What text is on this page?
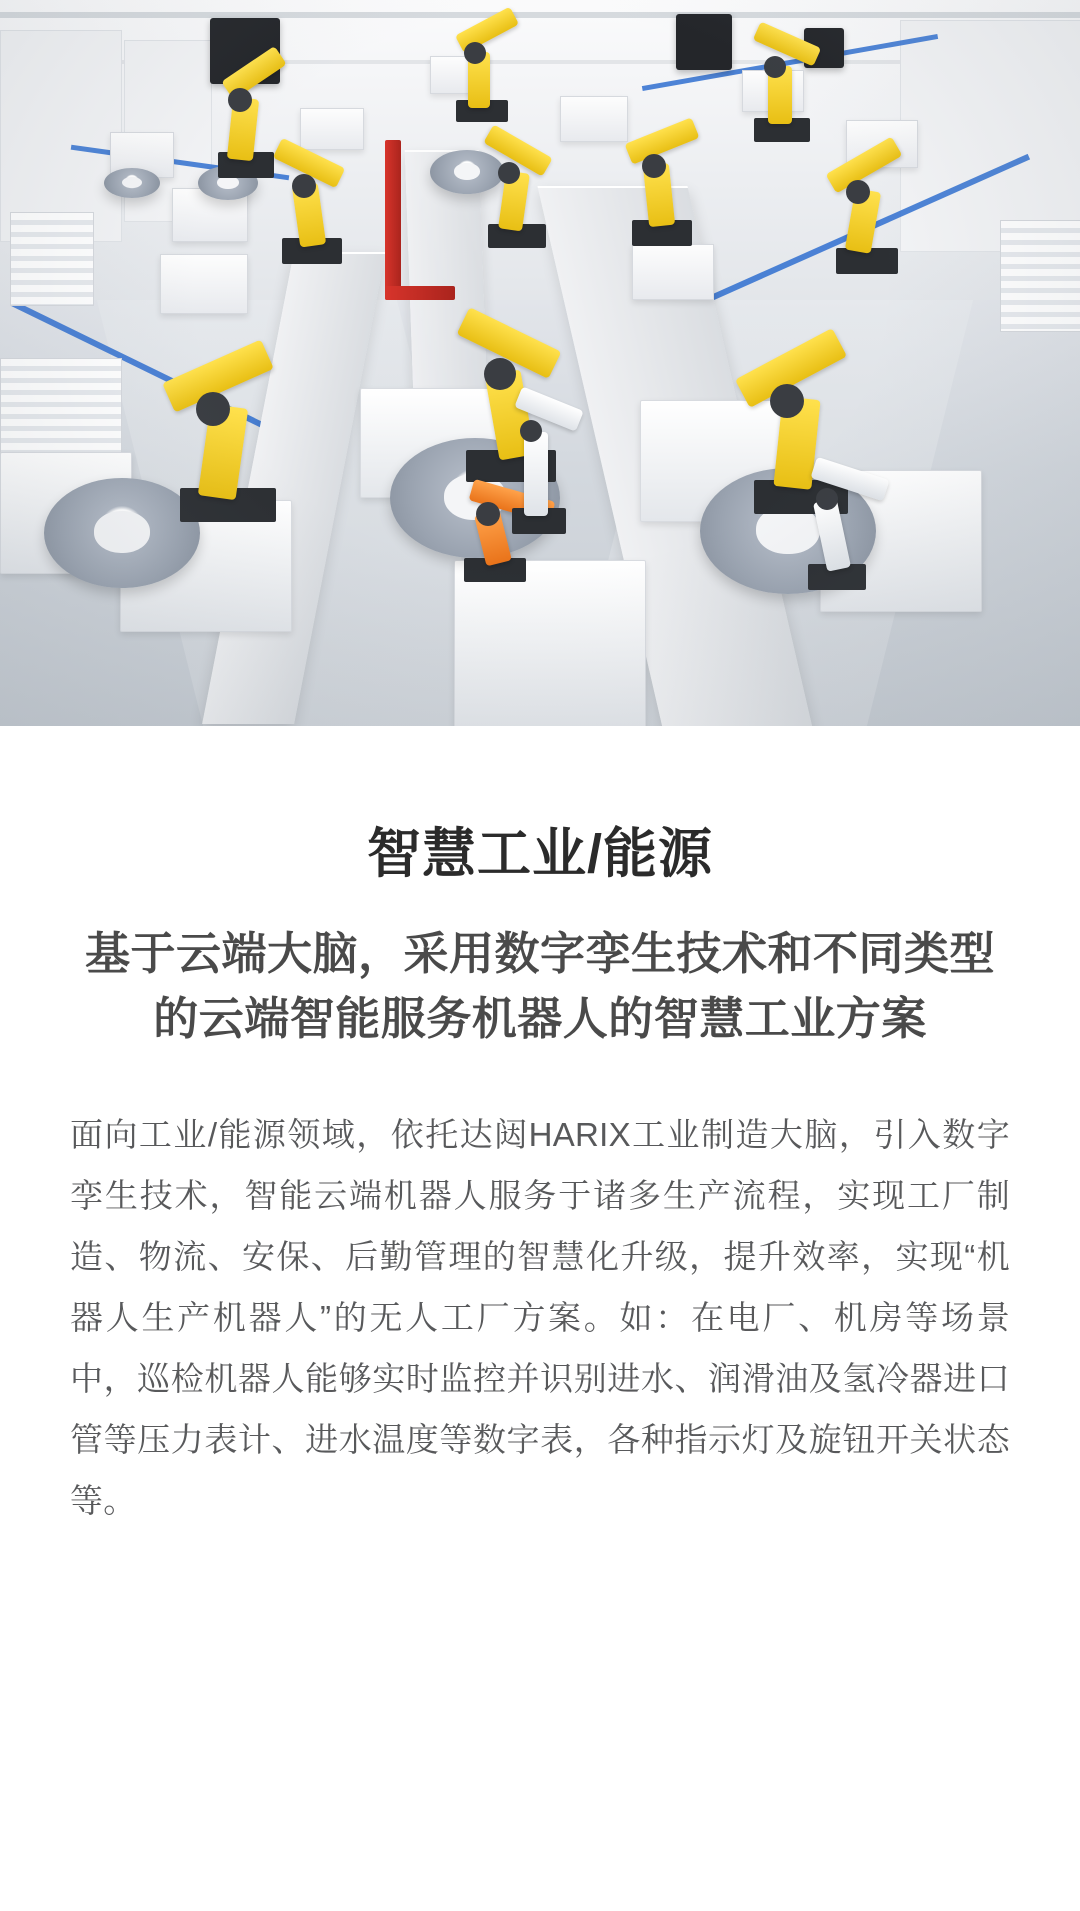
智慧工业/能源
基于云端大脑，采用数字孪生技术和不同类型的云端智能服务机器人的智慧工业方案

面向工业/能源领域，依托达闼HARIX工业制造大脑，引入数字孪生技术，智能云端机器人服务于诸多生产流程，实现工厂制造、物流、安保、后勤管理的智慧化升级，提升效率，实现“机器人生产机器人”的无人工厂方案。如：在电厂、机房等场景中，巡检机器人能够实时监控并识别进水、润滑油及氢冷器进口管等压力表计、进水温度等数字表，各种指示灯及旋钮开关状态等。
